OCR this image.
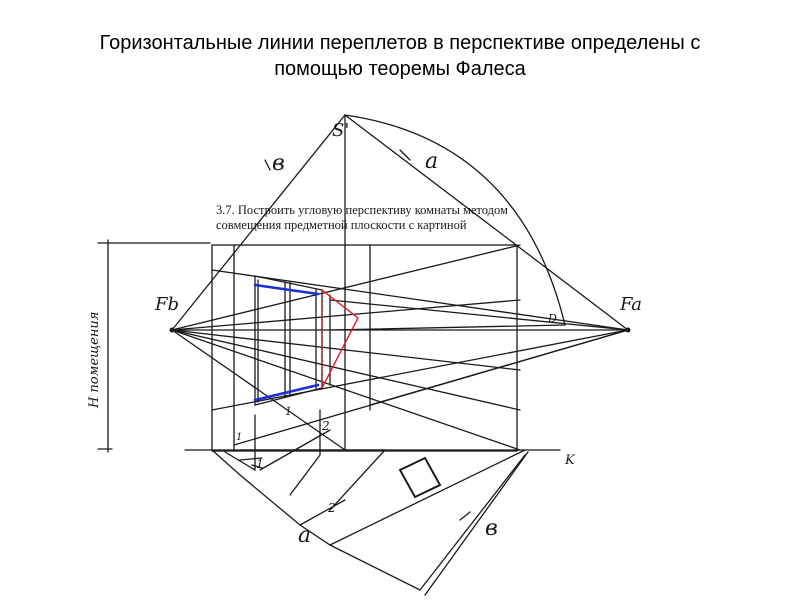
Горизонтальные линии переплетов в перспективе определены с
помощью теоремы Фалеса
3.7. Построить угловую перспективу комнаты методом
совмещения предметной плоскости с картиной
Fb	Fa
S'
в	а
а	в
K
D
1
2
1
2
1
Н помещения
